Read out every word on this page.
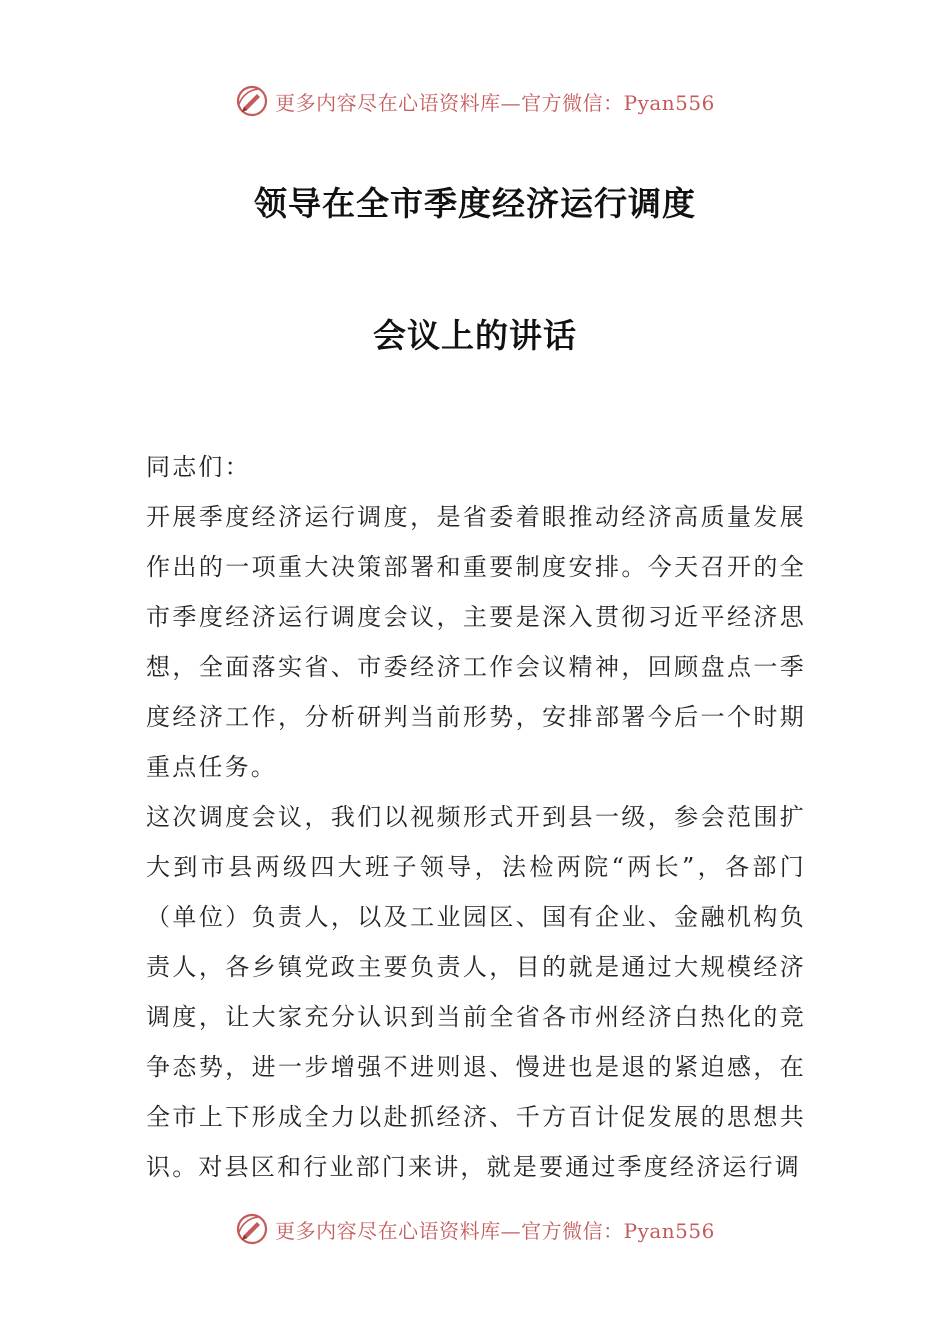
更多内容尽在心语资料库—官方微信：Pyan556
领导在全市季度经济运行调度
会议上的讲话

同志们：

开展季度经济运行调度，是省委着眼推动经济高质量发展作出的一项重大决策部署和重要制度安排。今天召开的全市季度经济运行调度会议，主要是深入贯彻习近平经济思想，全面落实省、市委经济工作会议精神，回顾盘点一季度经济工作，分析研判当前形势，安排部署今后一个时期重点任务。

这次调度会议，我们以视频形式开到县一级，参会范围扩大到市县两级四大班子领导，法检两院“两长”，各部门（单位）负责人，以及工业园区、国有企业、金融机构负责人，各乡镇党政主要负责人，目的就是通过大规模经济调度，让大家充分认识到当前全省各市州经济白热化的竞争态势，进一步增强不进则退、慢进也是退的紧迫感，在全市上下形成全力以赴抓经济、千方百计促发展的思想共识。对县区和行业部门来讲，就是要通过季度经济运行调

更多内容尽在心语资料库—官方微信：Pyan556
